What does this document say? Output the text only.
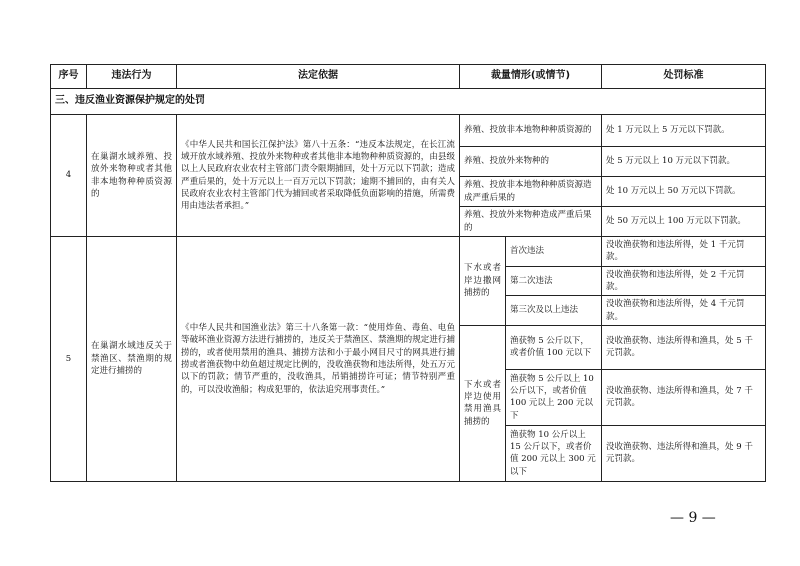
序号	违法行为	法定依据	裁量情形(或情节)		处罚标准
三、违反渔业资源保护规定的处罚					
4	在巢湖水域养殖、投放外来物种或者其他非本地物种种质资源的	《中华人民共和国长江保护法》第八十五条：“违反本法规定，在长江流域开放水域养殖、投放外来物种或者其他非本地物种种质资源的，由县级以上人民政府农业农村主管部门责令限期捕回，处十万元以下罚款；造成严重后果的，处十万元以上一百万元以下罚款；逾期不捕回的，由有关人民政府农业农村主管部门代为捕回或者采取降低负面影响的措施，所需费用由违法者承担。”	养殖、投放非本地物种种质资源的		处 1 万元以上 5 万元以下罚款。
			养殖、投放外来物种的		处 5 万元以上 10 万元以下罚款。
			养殖、投放非本地物种种质资源造成严重后果的		处 10 万元以上 50 万元以下罚款。
			养殖、投放外来物种造成严重后果的		处 50 万元以上 100 万元以下罚款。
5	在巢湖水域违反关于禁渔区、禁渔期的规定进行捕捞的	《中华人民共和国渔业法》第三十八条第一款：“使用炸鱼、毒鱼、电鱼等破坏渔业资源方法进行捕捞的，违反关于禁渔区、禁渔期的规定进行捕捞的，或者使用禁用的渔具、捕捞方法和小于最小网目尺寸的网具进行捕捞或者渔获物中幼鱼超过规定比例的，没收渔获物和违法所得，处五万元以下的罚款；情节严重的，没收渔具，吊销捕捞许可证；情节特别严重的，可以没收渔船；构成犯罪的，依法追究刑事责任。”	下水或者岸边撒网捕捞的	首次违法	没收渔获物和违法所得，处 1 千元罚款。
				第二次违法	没收渔获物和违法所得，处 2 千元罚款。
				第三次及以上违法	没收渔获物和违法所得，处 4 千元罚款。
			下水或者岸边使用禁用渔具捕捞的	渔获物 5 公斤以下，或者价值 100 元以下	没收渔获物、违法所得和渔具，处 5 千元罚款。
				渔获物 5 公斤以上 10 公斤以下，或者价值 100 元以上 200 元以下	没收渔获物、违法所得和渔具，处 7 千元罚款。
				渔获物 10 公斤以上 15 公斤以下，或者价值 200 元以上 300 元以下	没收渔获物、违法所得和渔具，处 9 千元罚款。
— 9 —
